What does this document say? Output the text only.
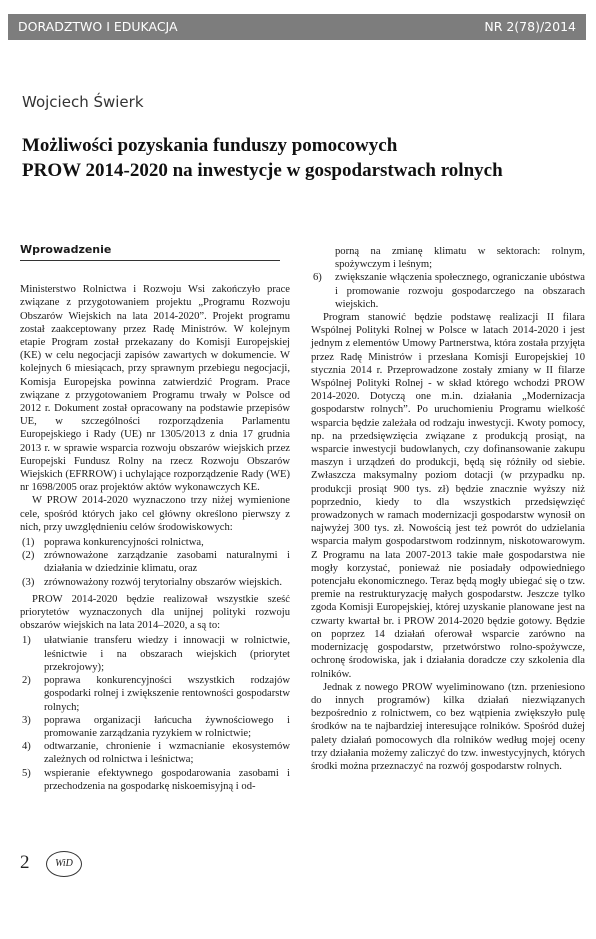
DORADZTWO I EDUKACJA	NR 2(78)/2014
Wojciech Świerk
Możliwości pozyskania funduszy pomocowych
PROW 2014-2020 na inwestycje w gospodarstwach rolnych
Wprowadzenie

Ministerstwo Rolnictwa i Rozwoju Wsi zakończyło prace związane z przygotowaniem projektu „Programu Rozwoju Obszarów Wiejskich na lata 2014-2020”. Projekt programu został zaakceptowany przez Radę Ministrów. W kolejnym etapie Program został przekazany do Komisji Europejskiej (KE) w celu negocjacji zapisów zawartych w dokumencie. W kolejnych 6 miesiącach, przy sprawnym przebiegu negocjacji, Komisja Europejska powinna zatwierdzić Program. Prace związane z przygotowaniem Programu trwały w Polsce od 2012 r. Dokument został opracowany na podstawie przepisów UE, w szczególności rozporządzenia Parlamentu Europejskiego i Rady (UE) nr 1305/2013 z dnia 17 grudnia 2013 r. w sprawie wsparcia rozwoju obszarów wiejskich przez Europejski Fundusz Rolny na rzecz Rozwoju Obszarów Wiejskich (EFRROW) i uchylające rozporządzenie Rady (WE) nr 1698/2005 oraz projektów aktów wykonawczych KE.

W PROW 2014-2020 wyznaczono trzy niżej wymienione cele, spośród których jako cel główny określono pierwszy z nich, przy uwzględnieniu celów środowiskowych:

(1) poprawa konkurencyjności rolnictwa,
(2) zrównoważone zarządzanie zasobami naturalnymi i działania w dziedzinie klimatu, oraz
(3) zrównoważony rozwój terytorialny obszarów wiejskich.

PROW 2014-2020 będzie realizował wszystkie sześć priorytetów wyznaczonych dla unijnej polityki rozwoju obszarów wiejskich na lata 2014–2020, a są to:

1)	ułatwianie transferu wiedzy i innowacji w rolnictwie, leśnictwie i na obszarach wiejskich (priorytet przekrojowy);
2)	poprawa konkurencyjności wszystkich rodzajów gospodarki rolnej i zwiększenie rentowności gospodarstw rolnych;
3)	poprawa organizacji łańcucha żywnościowego i promowanie zarządzania ryzykiem w rolnictwie;
4)	odtwarzanie, chronienie i wzmacnianie ekosystemów zależnych od rolnictwa i leśnictwa;
5)	wspieranie efektywnego gospodarowania zasobami i przechodzenia na gospodarkę niskoemisyjną i od-
porną na zmianę klimatu w sektorach: rolnym, spożywczym i leśnym;
6)	zwiększanie włączenia społecznego, ograniczanie ubóstwa i promowanie rozwoju gospodarczego na obszarach wiejskich.

Program stanowić będzie podstawę realizacji II filara Wspólnej Polityki Rolnej w Polsce w latach 2014-2020 i jest jednym z elementów Umowy Partnerstwa, która została przyjęta przez Radę Ministrów i przesłana Komisji Europejskiej 10 stycznia 2014 r. Przeprowadzone zostały zmiany w II filarze Wspólnej Polityki Rolnej - w skład którego wchodzi PROW 2014-2020. Dotyczą one m.in. działania „Modernizacja gospodarstw rolnych”. Po uruchomieniu Programu wielkość wsparcia będzie zależała od rodzaju inwestycji. Kwoty pomocy, np. na przedsięwzięcia związane z produkcją prosiąt, na wsparcie inwestycji budowlanych, czy dofinansowanie zakupu maszyn i urządzeń do produkcji, będą się różniły od siebie. Zwłaszcza maksymalny poziom dotacji (w przypadku np. produkcji prosiąt 900 tys. zł) będzie znacznie wyższy niż poprzednio, kiedy to dla wszystkich przedsięwzięć prowadzonych w ramach modernizacji gospodarstw wynosił on najwyżej 300 tys. zł. Nowością jest też powrót do udzielania wsparcia małym gospodarstwom rodzinnym, niskotowarowym. Z Programu na lata 2007-2013 takie małe gospodarstwa nie mogły korzystać, ponieważ nie posiadały odpowiedniego potencjału ekonomicznego. Teraz będą mogły ubiegać się o tzw. premie na restrukturyzację małych gospodarstw. Jeszcze tylko zgoda Komisji Europejskiej, której uzyskanie planowane jest na czwarty kwartał br. i PROW 2014-2020 będzie gotowy. Będzie on poprzez 14 działań oferował wsparcie zarówno na modernizację gospodarstw, przetwórstwo rolno-spożywcze, ochronę środowiska, jak i działania doradcze czy szkolenia dla rolników.

Jednak z nowego PROW wyeliminowano (tzn. przeniesiono do innych programów) kilka działań niezwiązanych bezpośrednio z rolnictwem, co bez wątpienia zwiększyło pulę środków na te najbardziej interesujące rolników. Spośród dużej palety działań pomocowych dla rolników według mojej oceny trzy działania możemy zaliczyć do tzw. inwestycyjnych, których środki można przeznaczyć na rozwój gospodarstw rolnych.

2	WiD
